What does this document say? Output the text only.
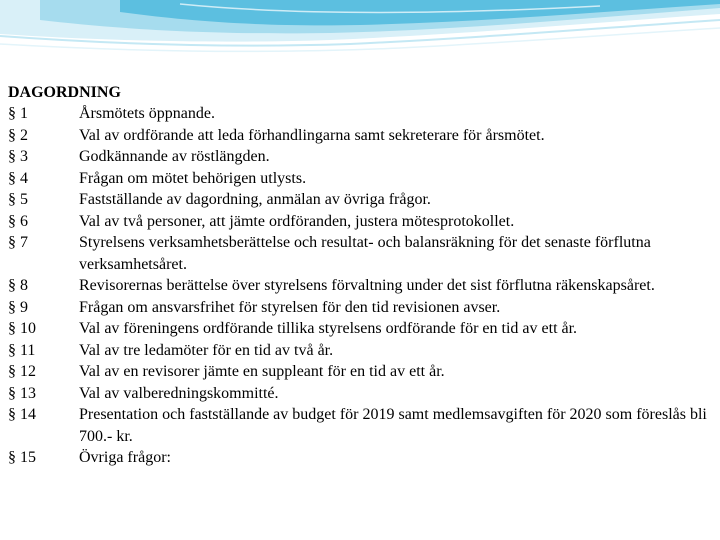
DAGORDNING
§ 1	Årsmötets öppnande.
§ 2	Val av ordförande att leda förhandlingarna samt sekreterare för årsmötet.
§ 3	Godkännande av röstlängden.
§ 4	Frågan om mötet behörigen utlysts.
§ 5	Fastställande av dagordning, anmälan av övriga frågor.
§ 6	Val av två personer, att jämte ordföranden, justera mötesprotokollet.
§ 7	Styrelsens verksamhetsberättelse och resultat- och balansräkning för det senaste förflutna verksamhetsåret.
§ 8	Revisorernas berättelse över styrelsens förvaltning under det sist förflutna räkenskapsåret.
§ 9	Frågan om ansvarsfrihet för styrelsen för den tid revisionen avser.
§ 10	Val av föreningens ordförande tillika styrelsens ordförande för en tid av ett år.
§ 11	Val av tre ledamöter för en tid av två år.
§ 12	Val av en revisorer jämte en suppleant för en tid av ett år.
§ 13	Val av valberedningskommitté.
§ 14	Presentation och fastställande av budget för 2019 samt medlemsavgiften för 2020 som föreslås bli 700.- kr.
§ 15	Övriga frågor:
